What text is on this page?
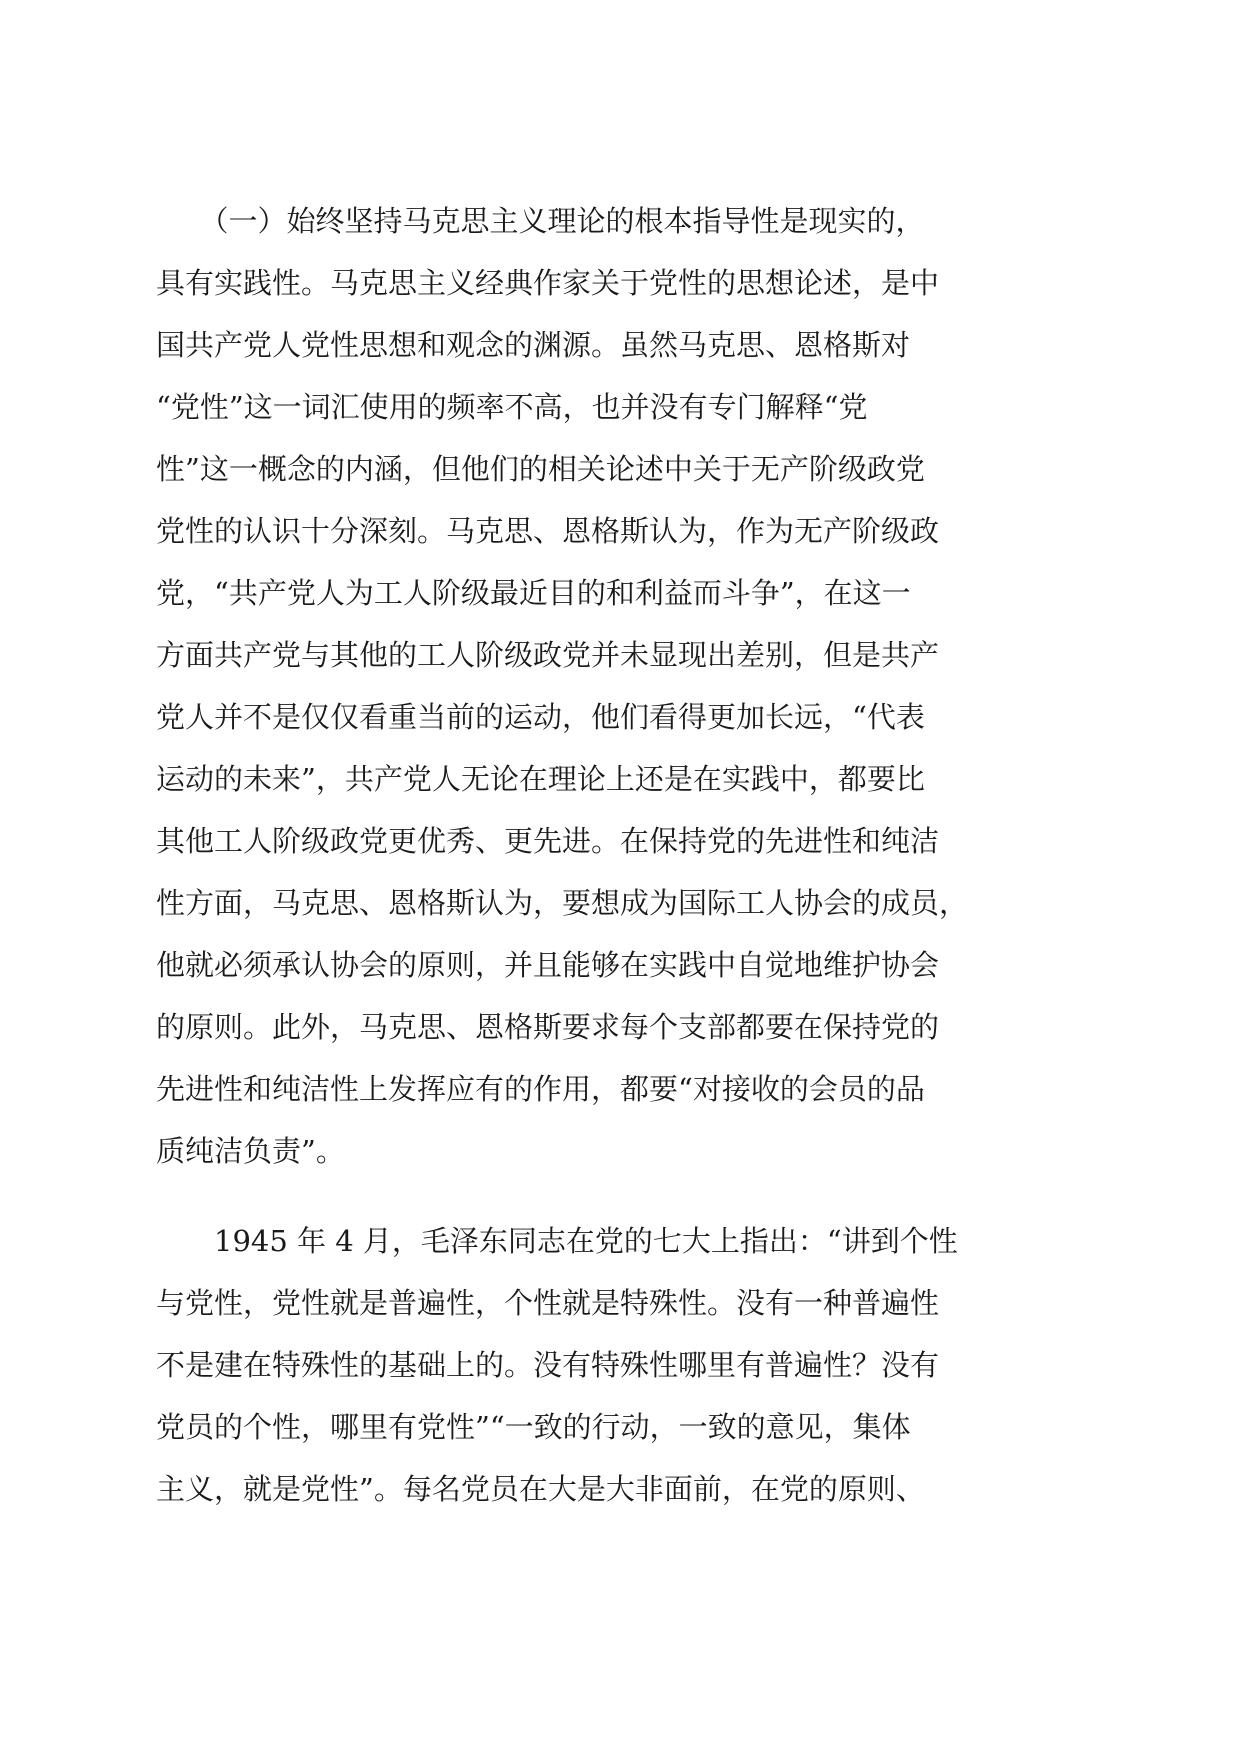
　　（一）始终坚持马克思主义理论的根本指导性是现实的，
具有实践性。马克思主义经典作家关于党性的思想论述，是中
国共产党人党性思想和观念的渊源。虽然马克思、恩格斯对
“党性”这一词汇使用的频率不高，也并没有专门解释“党
性”这一概念的内涵，但他们的相关论述中关于无产阶级政党
党性的认识十分深刻。马克思、恩格斯认为，作为无产阶级政
党，“共产党人为工人阶级最近目的和利益而斗争”，在这一
方面共产党与其他的工人阶级政党并未显现出差别，但是共产
党人并不是仅仅看重当前的运动，他们看得更加长远，“代表
运动的未来”，共产党人无论在理论上还是在实践中，都要比
其他工人阶级政党更优秀、更先进。在保持党的先进性和纯洁
性方面，马克思、恩格斯认为，要想成为国际工人协会的成员，
他就必须承认协会的原则，并且能够在实践中自觉地维护协会
的原则。此外，马克思、恩格斯要求每个支部都要在保持党的
先进性和纯洁性上发挥应有的作用，都要“对接收的会员的品
质纯洁负责”。
　　1945 年 4 月，毛泽东同志在党的七大上指出：“讲到个性
与党性，党性就是普遍性，个性就是特殊性。没有一种普遍性
不是建在特殊性的基础上的。没有特殊性哪里有普遍性？没有
党员的个性，哪里有党性”“一致的行动，一致的意见，集体
主义，就是党性”。每名党员在大是大非面前，在党的原则、
